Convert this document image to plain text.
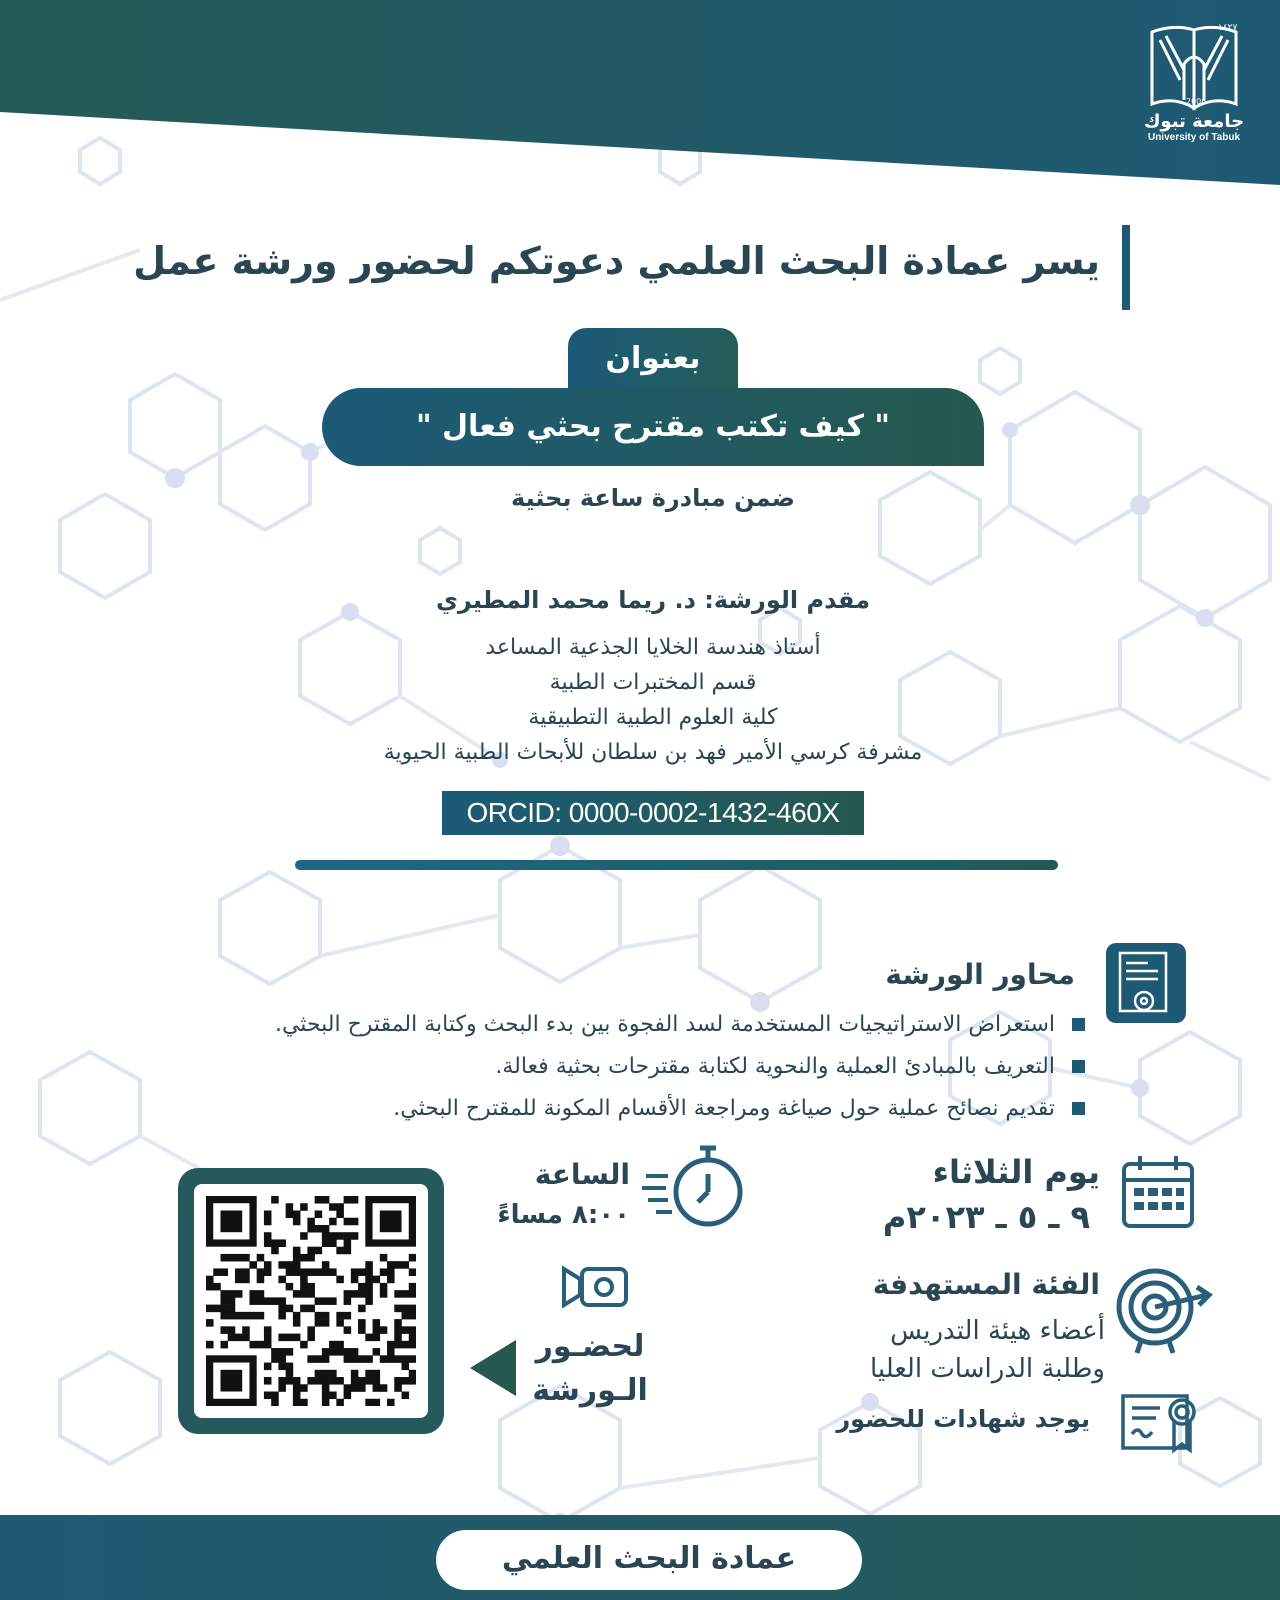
١٤٢٧
2006
جامعة تبوك
University of Tabuk
يسر عمادة البحث العلمي دعوتكم لحضور ورشة عمل
بعنوان
" كيف تكتب مقترح بحثي فعال "
ضمن مبادرة ساعة بحثية
مقدم الورشة: د. ريما محمد المطيري
أستاذ هندسة الخلايا الجذعية المساعد
قسم المختبرات الطبية
كلية العلوم الطبية التطبيقية
مشرفة كرسي الأمير فهد بن سلطان للأبحاث الطبية الحيوية
ORCID: 0000-0002-1432-460X
محاور الورشة
استعراض الاستراتيجيات المستخدمة لسد الفجوة بين بدء البحث وكتابة المقترح البحثي.
التعريف بالمبادئ العملية والنحوية لكتابة مقترحات بحثية فعالة.
تقديم نصائح عملية حول صياغة ومراجعة الأقسام المكونة للمقترح البحثي.
يوم الثلاثاء
٩ ـ ٥ ـ ٢٠٢٣م
الساعة
٨:٠٠ مساءً
الفئة المستهدفة
أعضاء هيئة التدريس
وطلبة الدراسات العليا
يوجد شهادات للحضور
لحضـور
الـورشة
عمادة البحث العلمي
